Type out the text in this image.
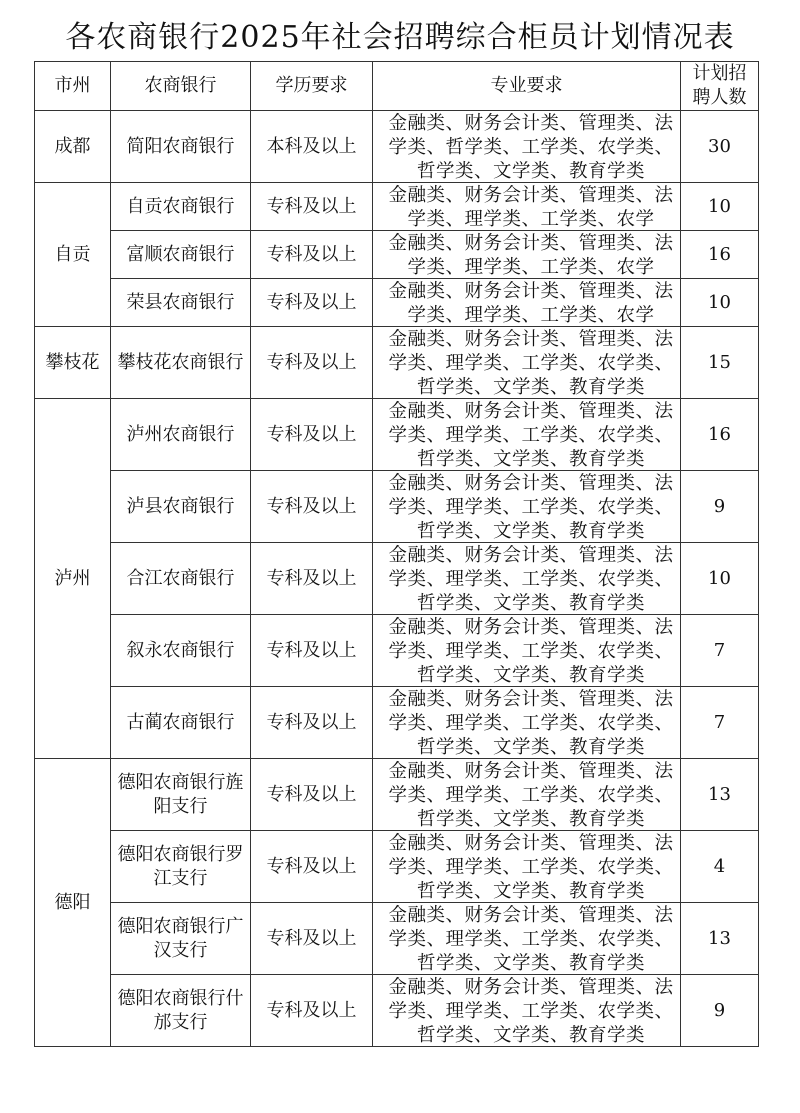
各农商银行2025年社会招聘综合柜员计划情况表
市州	农商银行	学历要求	专业要求	计划招
聘人数

成都	简阳农商银行	本科及以上	金融类、财务会计类、管理类、法学类、哲学类、工学类、农学类、哲学类、文学类、教育学类	30
自贡	自贡农商银行	专科及以上	金融类、财务会计类、管理类、法学类、理学类、工学类、农学	10
	富顺农商银行	专科及以上	金融类、财务会计类、管理类、法学类、理学类、工学类、农学	16
	荣县农商银行	专科及以上	金融类、财务会计类、管理类、法学类、理学类、工学类、农学	10
攀枝花	攀枝花农商银行	专科及以上	金融类、财务会计类、管理类、法学类、理学类、工学类、农学类、哲学类、文学类、教育学类	15
泸州	泸州农商银行	专科及以上	金融类、财务会计类、管理类、法学类、理学类、工学类、农学类、哲学类、文学类、教育学类	16
	泸县农商银行	专科及以上	金融类、财务会计类、管理类、法学类、理学类、工学类、农学类、哲学类、文学类、教育学类	9
	合江农商银行	专科及以上	金融类、财务会计类、管理类、法学类、理学类、工学类、农学类、哲学类、文学类、教育学类	10
	叙永农商银行	专科及以上	金融类、财务会计类、管理类、法学类、理学类、工学类、农学类、哲学类、文学类、教育学类	7
	古蔺农商银行	专科及以上	金融类、财务会计类、管理类、法学类、理学类、工学类、农学类、哲学类、文学类、教育学类	7
德阳	德阳农商银行旌阳支行	专科及以上	金融类、财务会计类、管理类、法学类、理学类、工学类、农学类、哲学类、文学类、教育学类	13
	德阳农商银行罗江支行	专科及以上	金融类、财务会计类、管理类、法学类、理学类、工学类、农学类、哲学类、文学类、教育学类	4
	德阳农商银行广汉支行	专科及以上	金融类、财务会计类、管理类、法学类、理学类、工学类、农学类、哲学类、文学类、教育学类	13
	德阳农商银行什邡支行	专科及以上	金融类、财务会计类、管理类、法学类、理学类、工学类、农学类、哲学类、文学类、教育学类	9
